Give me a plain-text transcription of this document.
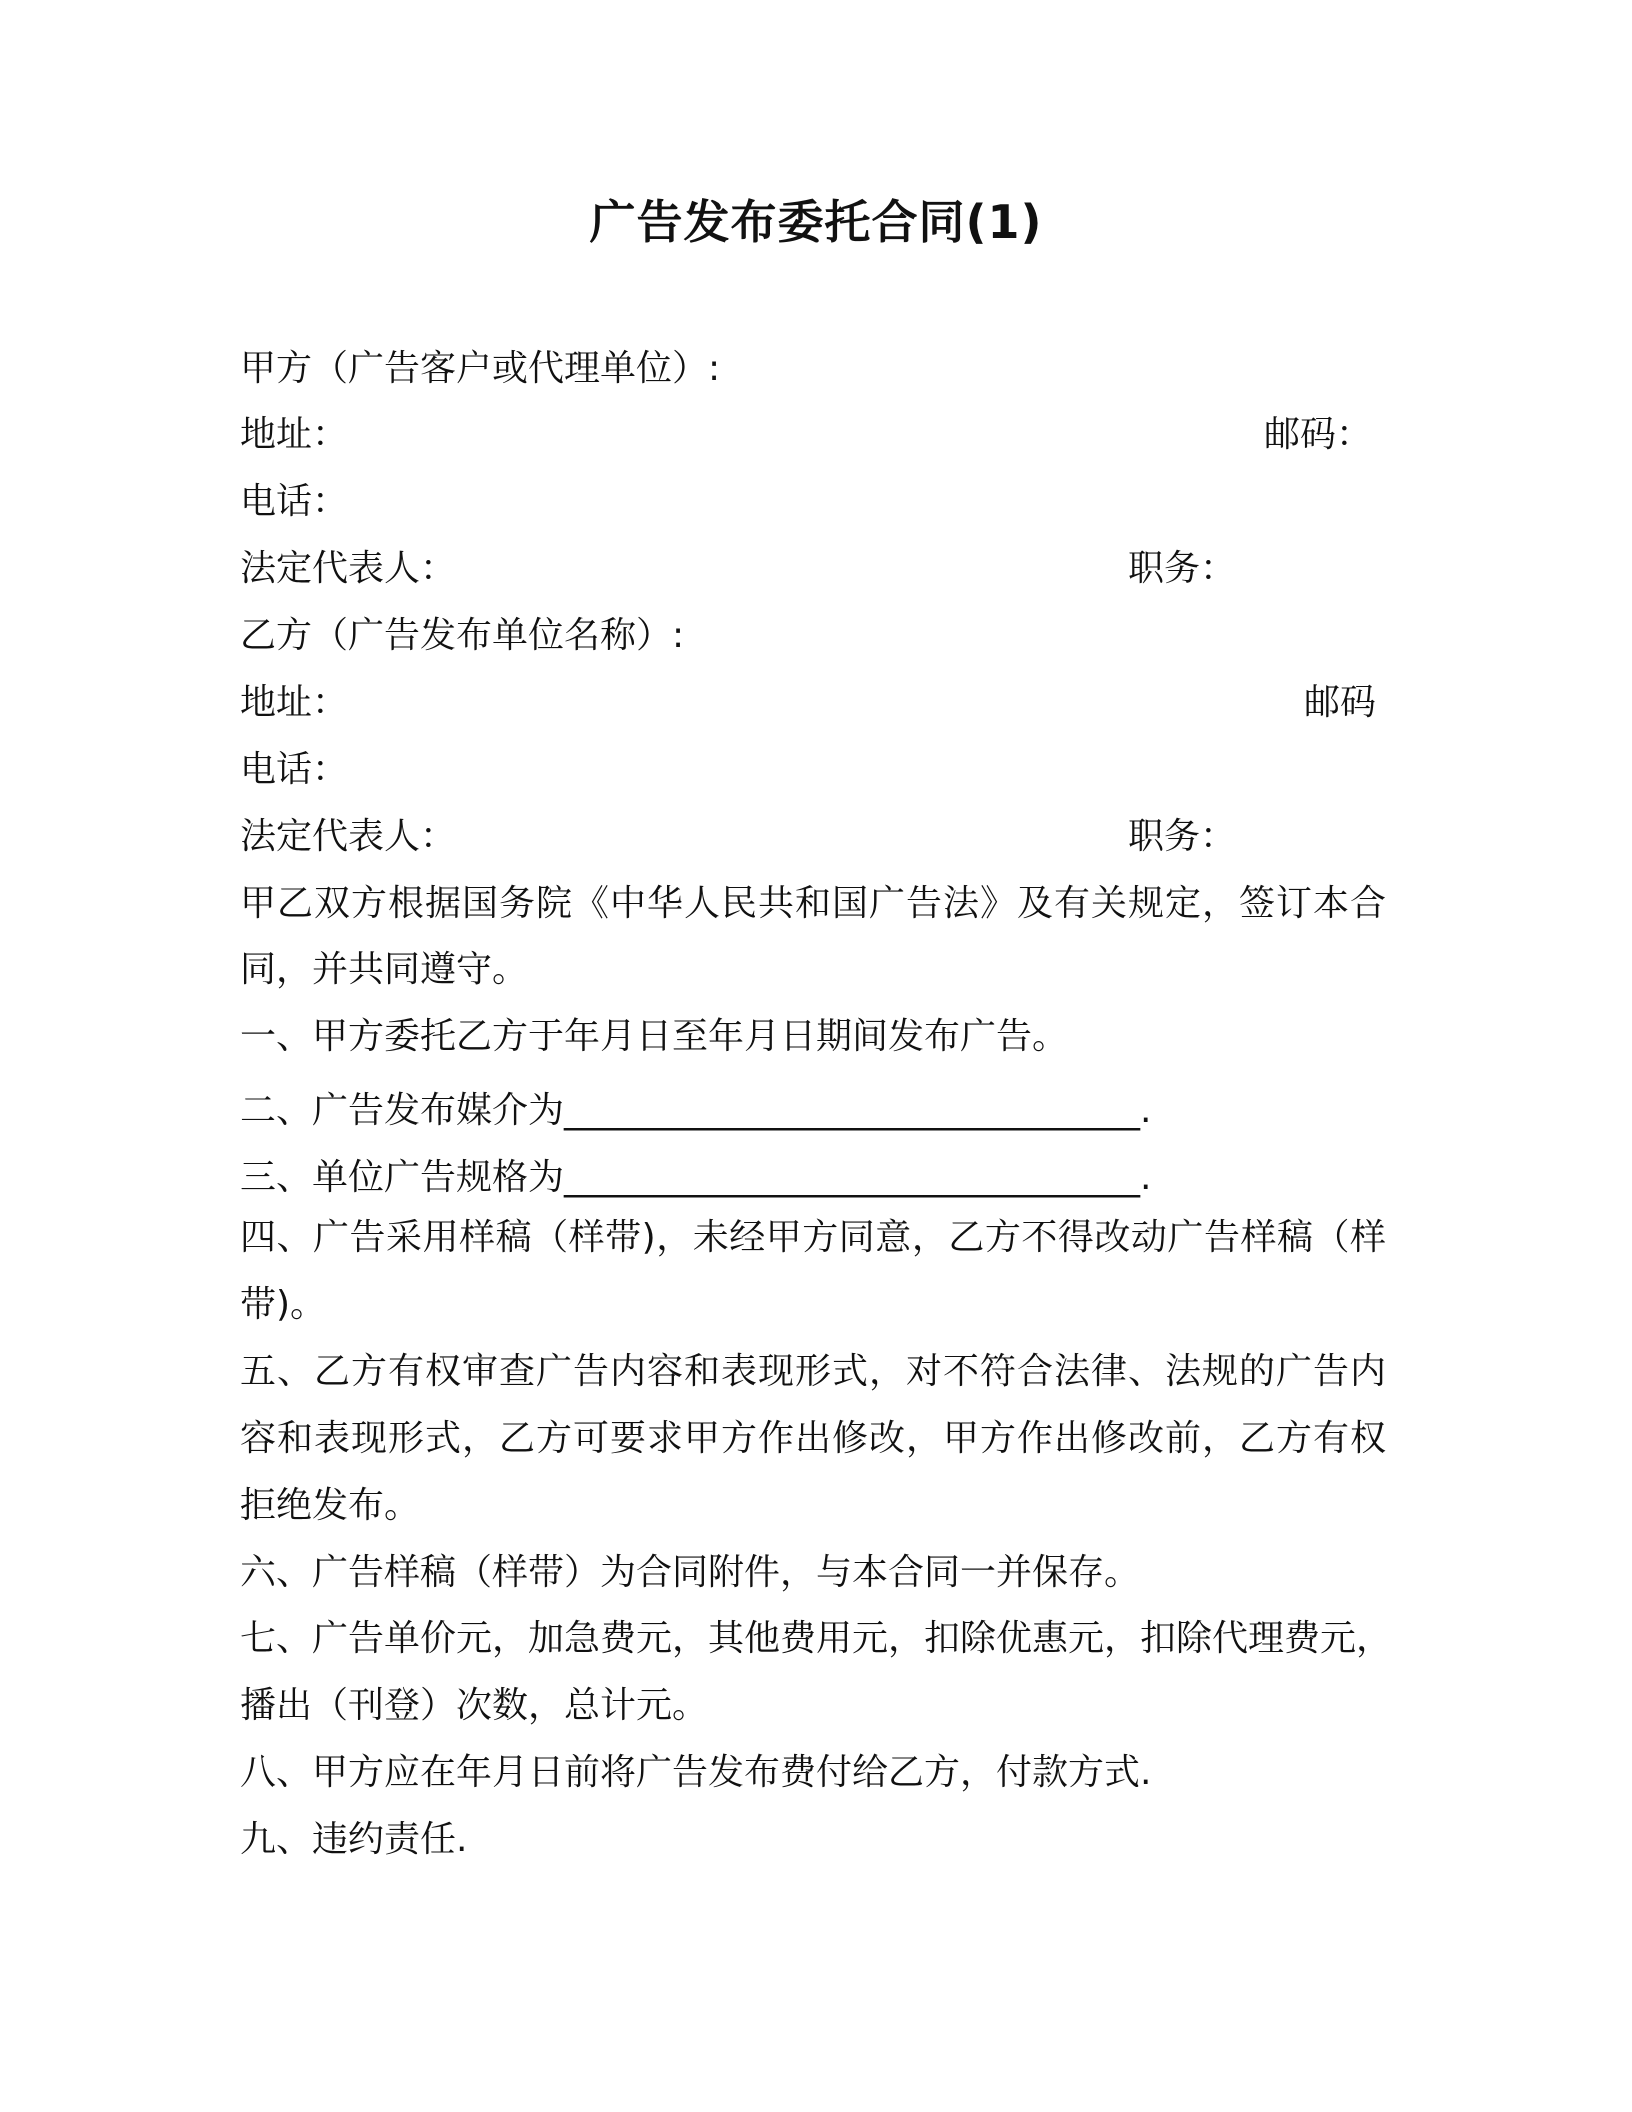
广告发布委托合同(1)
甲方（广告客户或代理单位）:
地址：	邮码：
电话：
法定代表人：	职务：
乙方（广告发布单位名称）:
地址：	邮码
电话：
法定代表人：	职务：
甲乙双方根据国务院《中华人民共和国广告法》及有关规定，签订本合
同，并共同遵守。
一、甲方委托乙方于年月日至年月日期间发布广告。
二、广告发布媒介为________________________________.
三、单位广告规格为________________________________.
四、广告采用样稿（样带)，未经甲方同意，乙方不得改动广告样稿（样
带)。
五、乙方有权审查广告内容和表现形式，对不符合法律、法规的广告内
容和表现形式，乙方可要求甲方作出修改，甲方作出修改前，乙方有权
拒绝发布。
六、广告样稿（样带）为合同附件，与本合同一并保存。
七、广告单价元，加急费元，其他费用元，扣除优惠元，扣除代理费元，
播出（刊登）次数，总计元。
八、甲方应在年月日前将广告发布费付给乙方，付款方式.
九、违约责任.
